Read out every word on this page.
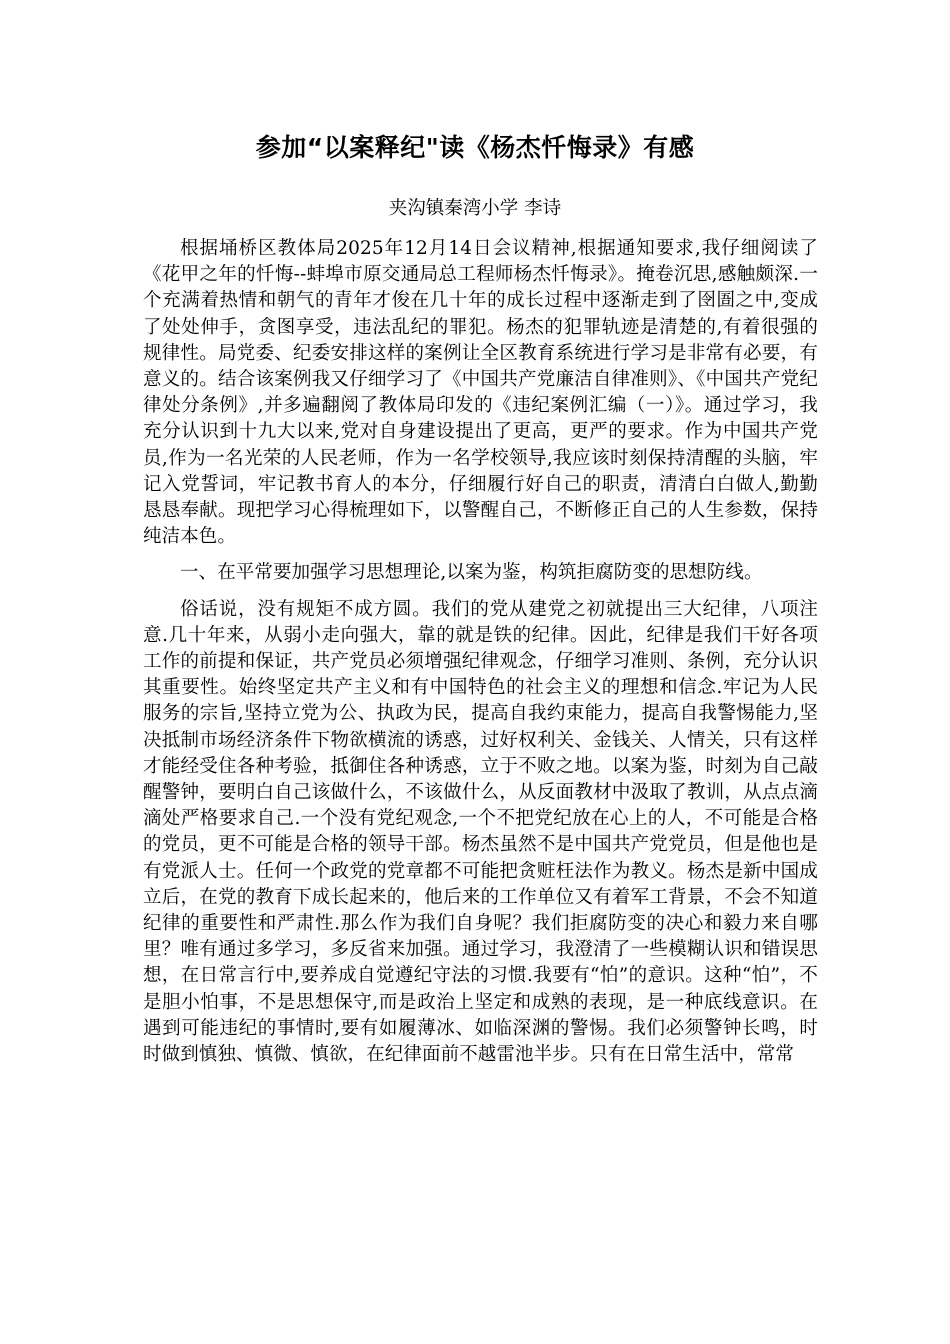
参加“以案释纪"读《杨杰忏悔录》有感
夹沟镇秦湾小学 李诗

根据埇桥区教体局2025年12月14日会议精神,根据通知要求,我仔细阅读了《花甲之年的忏悔--蚌埠市原交通局总工程师杨杰忏悔录》。掩卷沉思,感触颇深.一个充满着热情和朝气的青年才俊在几十年的成长过程中逐渐走到了囹圄之中,变成了处处伸手，贪图享受，违法乱纪的罪犯。杨杰的犯罪轨迹是清楚的,有着很强的规律性。局党委、纪委安排这样的案例让全区教育系统进行学习是非常有必要，有意义的。结合该案例我又仔细学习了《中国共产党廉洁自律准则》、《中国共产党纪律处分条例》,并多遍翻阅了教体局印发的《违纪案例汇编（一）》。通过学习，我充分认识到十九大以来,党对自身建设提出了更高，更严的要求。作为中国共产党员,作为一名光荣的人民老师，作为一名学校领导,我应该时刻保持清醒的头脑，牢记入党誓词，牢记教书育人的本分，仔细履行好自己的职责，清清白白做人,勤勤恳恳奉献。现把学习心得梳理如下，以警醒自己，不断修正自己的人生参数，保持纯洁本色。

一、在平常要加强学习思想理论,以案为鉴，构筑拒腐防变的思想防线。

俗话说，没有规矩不成方圆。我们的党从建党之初就提出三大纪律，八项注意.几十年来，从弱小走向强大，靠的就是铁的纪律。因此，纪律是我们干好各项工作的前提和保证，共产党员必须增强纪律观念，仔细学习准则、条例，充分认识其重要性。始终坚定共产主义和有中国特色的社会主义的理想和信念.牢记为人民服务的宗旨,坚持立党为公、执政为民，提高自我约束能力，提高自我警惕能力,坚决抵制市场经济条件下物欲横流的诱惑，过好权利关、金钱关、人情关，只有这样才能经受住各种考验，抵御住各种诱惑，立于不败之地。以案为鉴，时刻为自己敲醒警钟，要明白自己该做什么，不该做什么，从反面教材中汲取了教训，从点点滴滴处严格要求自己.一个没有党纪观念,一个不把党纪放在心上的人，不可能是合格的党员，更不可能是合格的领导干部。杨杰虽然不是中国共产党党员，但是他也是有党派人士。任何一个政党的党章都不可能把贪赃枉法作为教义。杨杰是新中国成立后，在党的教育下成长起来的，他后来的工作单位又有着军工背景，不会不知道纪律的重要性和严肃性.那么作为我们自身呢？我们拒腐防变的决心和毅力来自哪里？唯有通过多学习，多反省来加强。通过学习，我澄清了一些模糊认识和错误思想，在日常言行中,要养成自觉遵纪守法的习惯.我要有“怕”的意识。这种“怕”，不是胆小怕事，不是思想保守,而是政治上坚定和成熟的表现，是一种底线意识。在遇到可能违纪的事情时,要有如履薄冰、如临深渊的警惕。我们必须警钟长鸣，时时做到慎独、慎微、慎欲，在纪律面前不越雷池半步。只有在日常生活中，常常
